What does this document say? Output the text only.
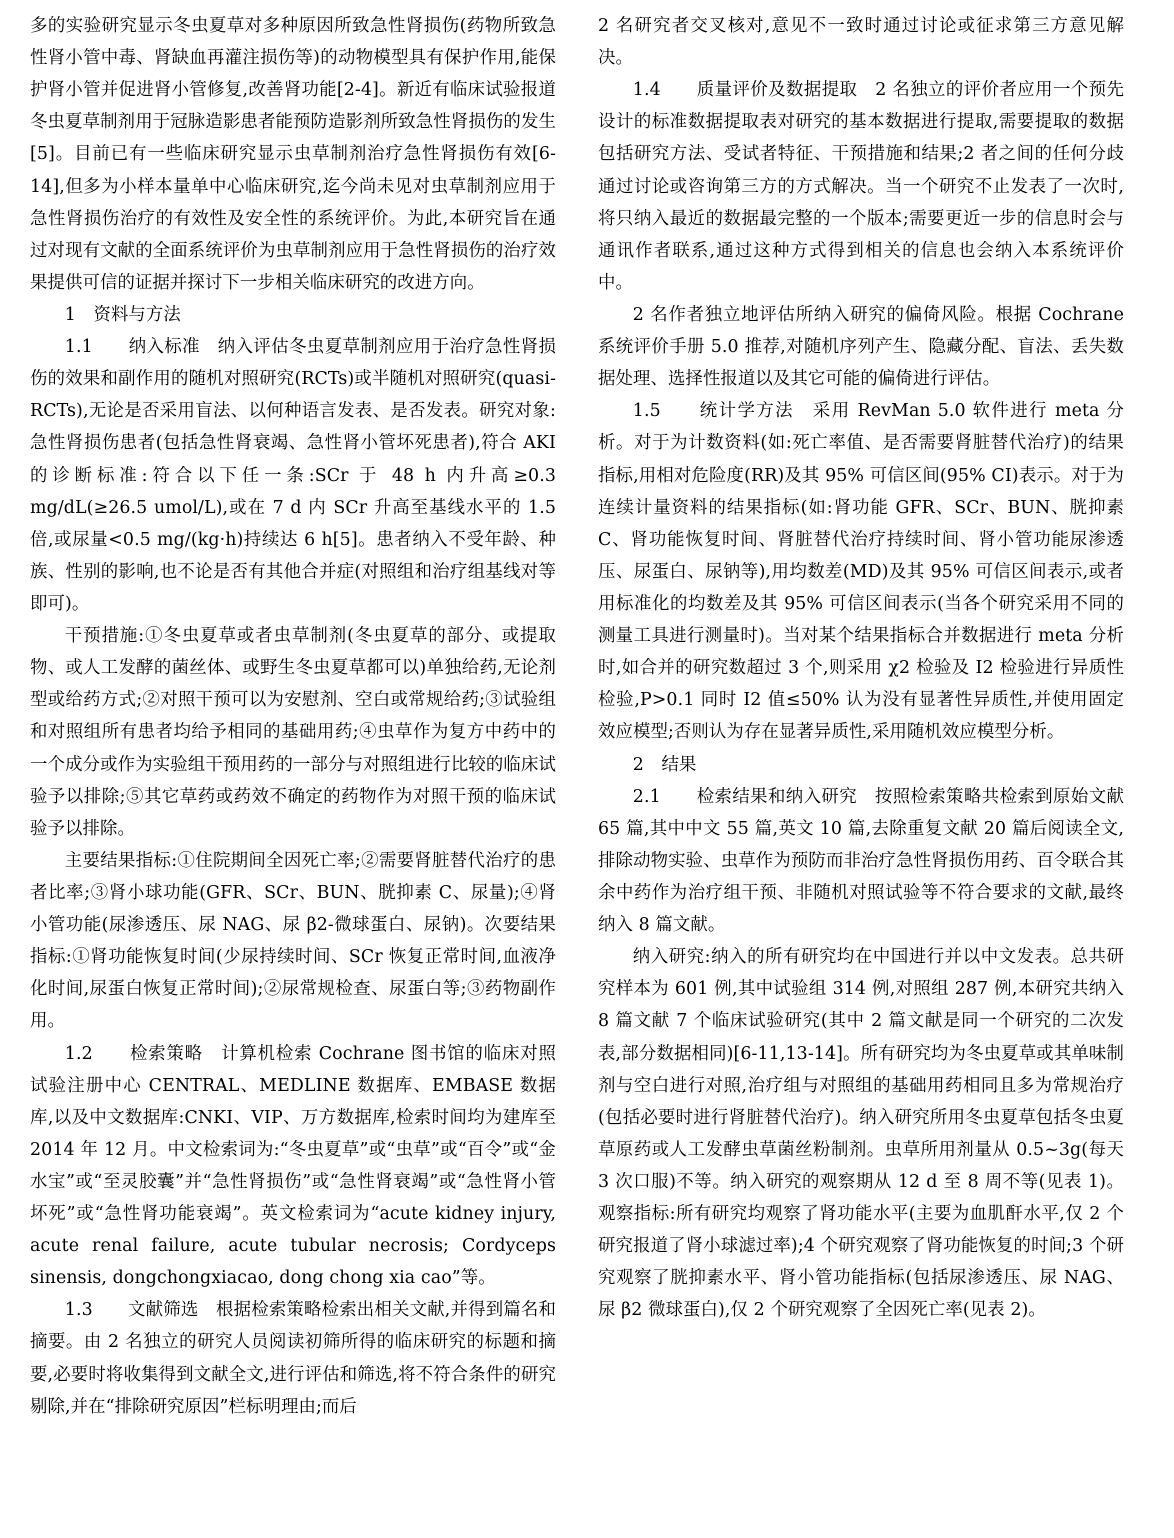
多的实验研究显示冬虫夏草对多种原因所致急性肾损伤(药物所致急性肾小管中毒、肾缺血再灌注损伤等)的动物模型具有保护作用,能保护肾小管并促进肾小管修复,改善肾功能[2-4]。新近有临床试验报道冬虫夏草制剂用于冠脉造影患者能预防造影剂所致急性肾损伤的发生[5]。目前已有一些临床研究显示虫草制剂治疗急性肾损伤有效[6-14],但多为小样本量单中心临床研究,迄今尚未见对虫草制剂应用于急性肾损伤治疗的有效性及安全性的系统评价。为此,本研究旨在通过对现有文献的全面系统评价为虫草制剂应用于急性肾损伤的治疗效果提供可信的证据并探讨下一步相关临床研究的改进方向。

1　资料与方法

1.1　　纳入标准　纳入评估冬虫夏草制剂应用于治疗急性肾损伤的效果和副作用的随机对照研究(RCTs)或半随机对照研究(quasi-RCTs),无论是否采用盲法、以何种语言发表、是否发表。研究对象:急性肾损伤患者(包括急性肾衰竭、急性肾小管坏死患者),符合 AKI 的诊断标准:符合以下任一条:SCr 于 48 h 内升高≥0.3 mg/dL(≥26.5 umol/L),或在 7 d 内 SCr 升高至基线水平的 1.5 倍,或尿量<0.5 mg/(kg·h)持续达 6 h[5]。患者纳入不受年龄、种族、性别的影响,也不论是否有其他合并症(对照组和治疗组基线对等即可)。

干预措施:①冬虫夏草或者虫草制剂(冬虫夏草的部分、或提取物、或人工发酵的菌丝体、或野生冬虫夏草都可以)单独给药,无论剂型或给药方式;②对照干预可以为安慰剂、空白或常规给药;③试验组和对照组所有患者均给予相同的基础用药;④虫草作为复方中药中的一个成分或作为实验组干预用药的一部分与对照组进行比较的临床试验予以排除;⑤其它草药或药效不确定的药物作为对照干预的临床试验予以排除。

主要结果指标:①住院期间全因死亡率;②需要肾脏替代治疗的患者比率;③肾小球功能(GFR、SCr、BUN、胱抑素 C、尿量);④肾小管功能(尿渗透压、尿 NAG、尿 β2-微球蛋白、尿钠)。次要结果指标:①肾功能恢复时间(少尿持续时间、SCr 恢复正常时间,血液净化时间,尿蛋白恢复正常时间);②尿常规检查、尿蛋白等;③药物副作用。

1.2　　检索策略　计算机检索 Cochrane 图书馆的临床对照试验注册中心 CENTRAL、MEDLINE 数据库、EMBASE 数据库,以及中文数据库:CNKI、VIP、万方数据库,检索时间均为建库至 2014 年 12 月。中文检索词为:“冬虫夏草”或“虫草”或“百令”或“金水宝”或“至灵胶囊”并“急性肾损伤”或“急性肾衰竭”或“急性肾小管坏死”或“急性肾功能衰竭”。英文检索词为“acute kidney injury, acute renal failure, acute tubular necrosis; Cordyceps sinensis, dongchongxiacao, dong chong xia cao”等。

1.3　　文献筛选　根据检索策略检索出相关文献,并得到篇名和摘要。由 2 名独立的研究人员阅读初筛所得的临床研究的标题和摘要,必要时将收集得到文献全文,进行评估和筛选,将不符合条件的研究剔除,并在“排除研究原因”栏标明理由;而后

2 名研究者交叉核对,意见不一致时通过讨论或征求第三方意见解决。

1.4　　质量评价及数据提取　2 名独立的评价者应用一个预先设计的标准数据提取表对研究的基本数据进行提取,需要提取的数据包括研究方法、受试者特征、干预措施和结果;2 者之间的任何分歧通过讨论或咨询第三方的方式解决。当一个研究不止发表了一次时,将只纳入最近的数据最完整的一个版本;需要更近一步的信息时会与通讯作者联系,通过这种方式得到相关的信息也会纳入本系统评价中。

2 名作者独立地评估所纳入研究的偏倚风险。根据 Cochrane 系统评价手册 5.0 推荐,对随机序列产生、隐藏分配、盲法、丢失数据处理、选择性报道以及其它可能的偏倚进行评估。

1.5　　统计学方法　采用 RevMan 5.0 软件进行 meta 分析。对于为计数资料(如:死亡率值、是否需要肾脏替代治疗)的结果指标,用相对危险度(RR)及其 95% 可信区间(95% CI)表示。对于为连续计量资料的结果指标(如:肾功能 GFR、SCr、BUN、胱抑素 C、肾功能恢复时间、肾脏替代治疗持续时间、肾小管功能尿渗透压、尿蛋白、尿钠等),用均数差(MD)及其 95% 可信区间表示,或者用标准化的均数差及其 95% 可信区间表示(当各个研究采用不同的测量工具进行测量时)。当对某个结果指标合并数据进行 meta 分析时,如合并的研究数超过 3 个,则采用 χ2 检验及 I2 检验进行异质性检验,P>0.1 同时 I2 值≤50% 认为没有显著性异质性,并使用固定效应模型;否则认为存在显著异质性,采用随机效应模型分析。

2　结果

2.1　　检索结果和纳入研究　按照检索策略共检索到原始文献 65 篇,其中中文 55 篇,英文 10 篇,去除重复文献 20 篇后阅读全文,排除动物实验、虫草作为预防而非治疗急性肾损伤用药、百令联合其余中药作为治疗组干预、非随机对照试验等不符合要求的文献,最终纳入 8 篇文献。

纳入研究:纳入的所有研究均在中国进行并以中文发表。总共研究样本为 601 例,其中试验组 314 例,对照组 287 例,本研究共纳入 8 篇文献 7 个临床试验研究(其中 2 篇文献是同一个研究的二次发表,部分数据相同)[6-11,13-14]。所有研究均为冬虫夏草或其单味制剂与空白进行对照,治疗组与对照组的基础用药相同且多为常规治疗(包括必要时进行肾脏替代治疗)。纳入研究所用冬虫夏草包括冬虫夏草原药或人工发酵虫草菌丝粉制剂。虫草所用剂量从 0.5~3g(每天 3 次口服)不等。纳入研究的观察期从 12 d 至 8 周不等(见表 1)。观察指标:所有研究均观察了肾功能水平(主要为血肌酐水平,仅 2 个研究报道了肾小球滤过率);4 个研究观察了肾功能恢复的时间;3 个研究观察了胱抑素水平、肾小管功能指标(包括尿渗透压、尿 NAG、尿 β2 微球蛋白),仅 2 个研究观察了全因死亡率(见表 2)。
